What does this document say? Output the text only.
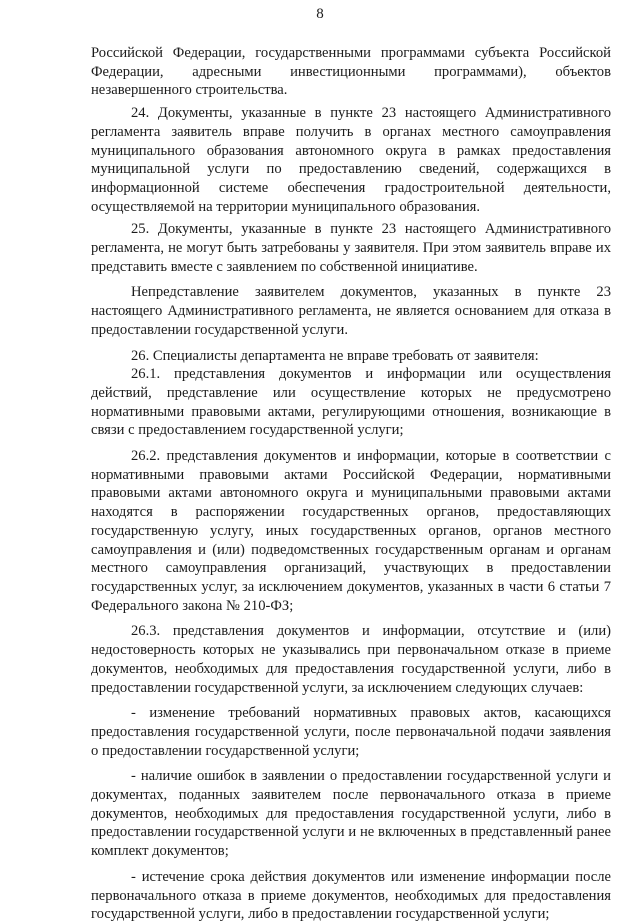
8

Российской Федерации, государственными программами субъекта Российской Федерации, адресными инвестиционными программами), объектов незавершенного строительства.

24. Документы, указанные в пункте 23 настоящего Административного регламента заявитель вправе получить в органах местного самоуправления муниципального образования автономного округа в рамках предоставления муниципальной услуги по предоставлению сведений, содержащихся в информационной системе обеспечения градостроительной деятельности, осуществляемой на территории муниципального образования.

25. Документы, указанные в пункте 23 настоящего Административного регламента, не могут быть затребованы у заявителя. При этом заявитель вправе их представить вместе с заявлением по собственной инициативе.

Непредставление заявителем документов, указанных в пункте 23 настоящего Административного регламента, не является основанием для отказа в предоставлении государственной услуги.

26. Специалисты департамента не вправе требовать от заявителя:

26.1. представления документов и информации или осуществления действий, представление или осуществление которых не предусмотрено нормативными правовыми актами, регулирующими отношения, возникающие в связи с предоставлением государственной услуги;

26.2. представления документов и информации, которые в соответствии с нормативными правовыми актами Российской Федерации, нормативными правовыми актами автономного округа и муниципальными правовыми актами находятся в распоряжении государственных органов, предоставляющих государственную услугу, иных государственных органов, органов местного самоуправления и (или) подведомственных государственным органам и органам местного самоуправления организаций, участвующих в предоставлении государственных услуг, за исключением документов, указанных в части 6 статьи 7 Федерального закона № 210-ФЗ;

26.3. представления документов и информации, отсутствие и (или) недостоверность которых не указывались при первоначальном отказе в приеме документов, необходимых для предоставления государственной услуги, либо в предоставлении государственной услуги, за исключением следующих случаев:

- изменение требований нормативных правовых актов, касающихся предоставления государственной услуги, после первоначальной подачи заявления о предоставлении государственной услуги;

- наличие ошибок в заявлении о предоставлении государственной услуги и документах, поданных заявителем после первоначального отказа в приеме документов, необходимых для предоставления государственной услуги, либо в предоставлении государственной услуги и не включенных в представленный ранее комплект документов;

- истечение срока действия документов или изменение информации после первоначального отказа в приеме документов, необходимых для предоставления государственной услуги, либо в предоставлении государственной услуги;
